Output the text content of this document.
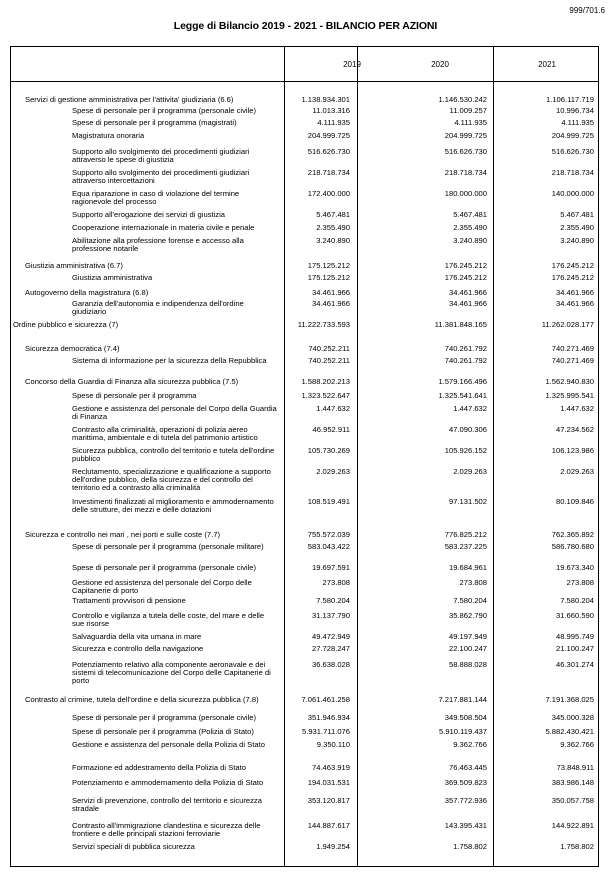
999/701.6
Legge di Bilancio 2019 - 2021 - BILANCIO PER AZIONI
2019	2020	2021
Servizi di gestione amministrativa per l'attivita' giudiziaria (6.6)	1.138.934.301	1.146.530.242	1.106.117.719
Spese di personale per il programma (personale civile)	11.013.316	11.009.257	10.996.734
Spese di personale per il programma (magistrati)	4.111.935	4.111.935	4.111.935
Magistratura onoraria	204.999.725	204.999.725	204.999.725
Supporto allo svolgimento dei procedimenti giudiziari attraverso le spese di giustizia
516.626.730	516.626.730	516.626.730
Supporto allo svolgimento dei procedimenti giudiziari attraverso intercettazioni
218.718.734	218.718.734	218.718.734
Equa riparazione in caso di violazione del termine ragionevole del processo
172.400.000	180.000.000	140.000.000
Supporto all'erogazione dei servizi di giustizia	5.467.481	5.467.481	5.467.481
Cooperazione internazionale in materia civile e penale	2.355.490	2.355.490	2.355.490
Abilitazione alla professione forense e accesso alla professione notarile
3.240.890	3.240.890	3.240.890
Giustizia amministrativa (6.7)	175.125.212	176.245.212	176.245.212
Giustizia amministrativa	175.125.212	176.245.212	176.245.212
Autogoverno della magistratura (6.8)	34.461.966	34.461.966	34.461.966
Garanzia dell'autonomia e indipendenza dell'ordine giudiziario
34.461.966	34.461.966	34.461.966
Ordine pubblico e sicurezza (7)	11.222.733.593	11.381.848.165	11.262.028.177
Sicurezza democratica (7.4)	740.252.211	740.261.792	740.271.469
Sistema di informazione per la sicurezza della Repubblica	740.252.211	740.261.792	740.271.469
Concorso della Guardia di Finanza alla sicurezza pubblica (7.5)	1.588.202.213	1.579.166.496	1.562.940.830
Spese di personale per il programma	1.323.522.647	1.325.541.641	1.325.995.541
Gestione e assistenza del personale del Corpo della Guardia di Finanza
1.447.632	1.447.632	1.447.632
Contrasto alla criminalità, operazioni di polizia aereo marittima, ambientale e di tutela del patrimonio artistico
46.952.911	47.090.306	47.234.562
Sicurezza pubblica, controllo del territorio e tutela dell'ordine pubblico
105.730.269	105.926.152	106.123.986
Reclutamento, specializzazione e qualificazione a supporto dell'ordine pubblico, della sicurezza e del controllo del territorio ed a contrasto alla criminalità
2.029.263	2.029.263	2.029.263
Investimenti finalizzati al miglioramento e ammodernamento delle strutture, dei mezzi e delle dotazioni
108.519.491	97.131.502	80.109.846
Sicurezza e controllo nei mari , nei porti e sulle coste (7.7)	755.572.039	776.825.212	762.365.892
Spese di personale per il programma (personale militare)	583.043.422	583.237.225	586.780.680
Spese di personale per il programma (personale civile)	19.697.591	19.684.961	19.673.340
Gestione ed assistenza del personale del Corpo delle Capitanerie di porto
273.808	273.808	273.808
Trattamenti provvisori di pensione	7.580.204	7.580.204	7.580.204
Controllo e vigilanza a tutela delle coste, del mare e delle sue risorse
31.137.790	35.862.790	31.660.590
Salvaguardia della vita umana in mare	49.472.949	49.197.949	48.995.749
Sicurezza e controllo della navigazione	27.728.247	22.100.247	21.100.247
Potenziamento relativo alla componente aeronavale e dei sistemi di telecomunicazione del Corpo delle Capitanerie di porto
36.638.028	58.888.028	46.301.274
Contrasto al crimine, tutela dell'ordine e della sicurezza pubblica (7.8)	7.061.461.258	7.217.881.144	7.191.368.025
Spese di personale per il programma (personale civile)	351.946.934	349.508.504	345.000.328
Spese di personale per il programma (Polizia di Stato)	5.931.711.076	5.910.119.437	5.882.430.421
Gestione e assistenza del personale della Polizia di Stato	9.350.110	9.362.766	9.362.766
Formazione ed addestramento della Polizia di Stato	74.463.919	76.463.445	73.848.911
Potenziamento e ammodernamento della Polizia di Stato	194.031.531	369.509.823	383.986.148
Servizi di prevenzione, controllo del territorio e sicurezza stradale
353.120.817	357.772.936	350.057.758
Contrasto all'immigrazione clandestina e sicurezza delle frontiere e delle principali stazioni ferroviarie
144.887.617	143.395.431	144.922.891
Servizi speciali di pubblica sicurezza	1.949.254	1.758.802	1.758.802
